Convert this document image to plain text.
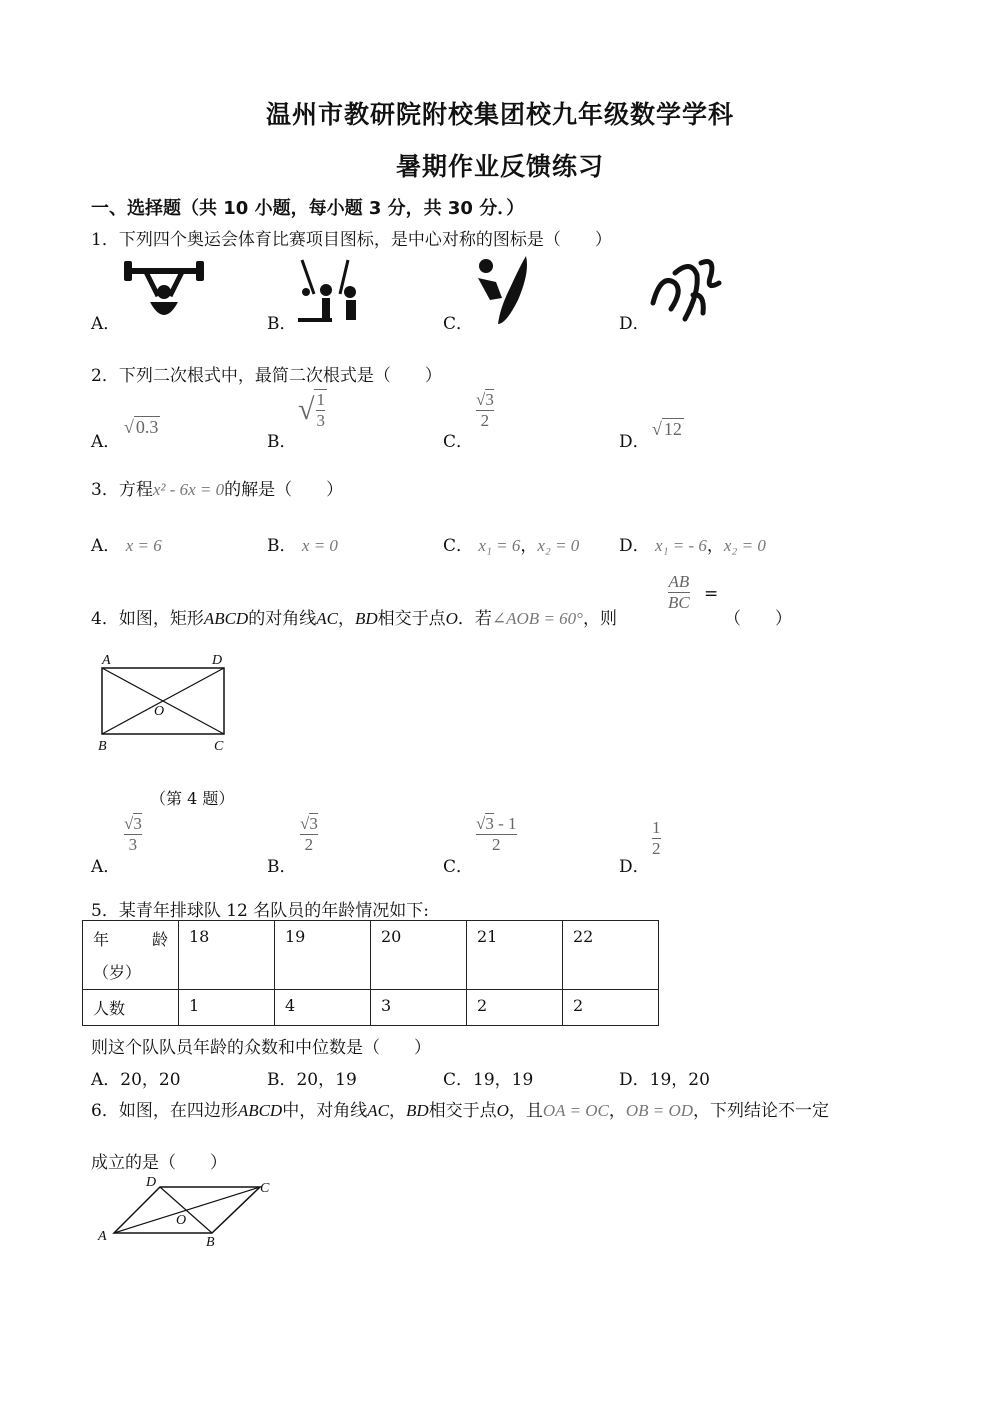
温州市教研院附校集团校九年级数学学科
暑期作业反馈练习
一、选择题（共 10 小题，每小题 3 分，共 30 分．）
1．下列四个奥运会体育比赛项目图标，是中心对称的图标是（　　）
A．	B．	C．	D．
2．下列二次根式中，最简二次根式是（　　）
A．
√ 0.3
B．
√ $\frac{1}{3}$
C．
$\frac{√3}{2}$
D．
√ 12
3．方程x² - 6x = 0的解是（　　）
A． x = 6	B． x = 0	C． x₁ = 6，x₂ = 0 D． x₁ = - 6，x₂ = 0
4．如图，矩形ABCD的对角线AC，BD相交于点O．若∠AOB = 60°，则
$\frac{AB}{BC}$ =
（　　）
A	D
B	C
O
（第 4 题）
A．
$\frac{√3}{3}$
B．
$\frac{√3}{2}$
C．
$\frac{√3 - 1}{2}$
D．
$\frac{1}{2}$
5．某青年排球队 12 名队员的年龄情况如下:
年 龄
（岁）	18	19	20	21	22
人数	1	4	3	2	2
则这个队队员年龄的众数和中位数是（　　）
A．20，20	B．20，19	C．19，19	D．19，20
6．如图，在四边形ABCD中，对角线AC，BD相交于点O，且OA = OC，OB = OD，下列结论不一定
成立的是（　　）
A	B
C
D
O
